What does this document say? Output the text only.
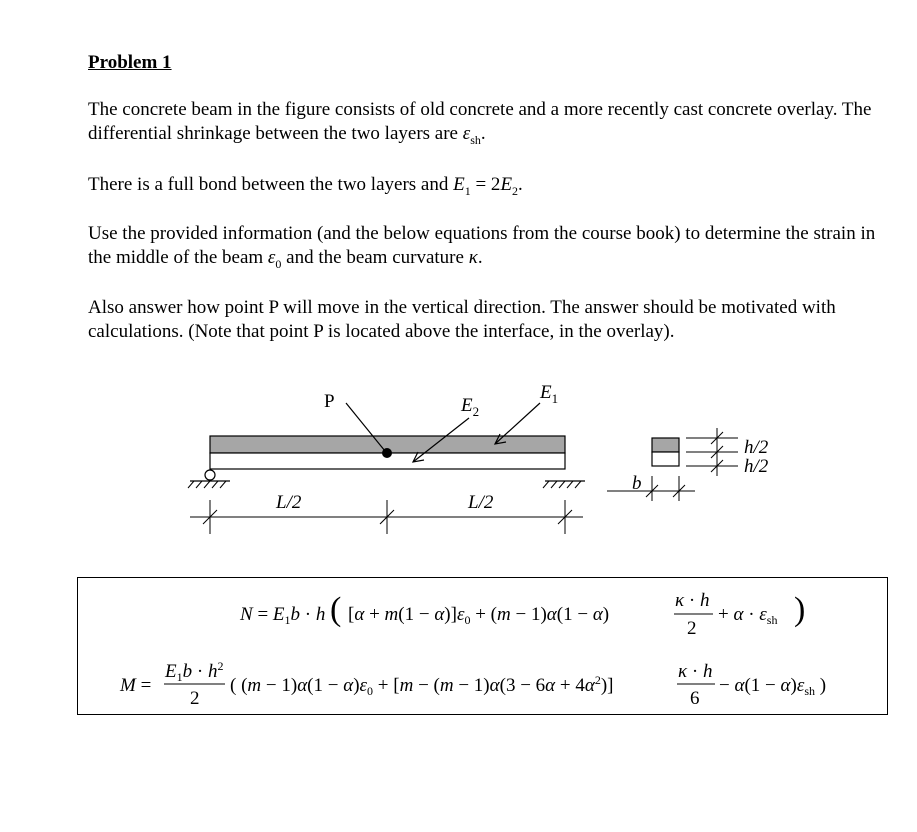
Problem 1

The concrete beam in the figure consists of old concrete and a more recently cast concrete overlay. The differential shrinkage between the two layers are $\varepsilon_{sh}$.

There is a full bond between the two layers and $E_1 = 2E_2$.

Use the provided information (and the below equations from the course book) to determine the strain in the middle of the beam $\varepsilon_0$ and the beam curvature κ.

Also answer how point P will move in the vertical direction. The answer should be motivated with calculations. (Note that point P is located above the interface, in the overlay).

P	$E_2$
$E_1$
L/2	L/2
h/2
h/2
b
$N = E_1b \cdot h$ ( $[\alpha + m(1 - \alpha)]\varepsilon_0 + (m - 1)\alpha(1 - \alpha)$
κ · h
2
+ $\alpha \cdot \varepsilon_{sh}$ )
M =
$E_1b \cdot h^2$
2
( $(m - 1)\alpha(1 - \alpha)\varepsilon_0 + [m - (m - 1)\alpha(3 - 6\alpha + 4\alpha^2)]$
κ · h
6
− $\alpha(1 - \alpha)\varepsilon_{sh}$ )
